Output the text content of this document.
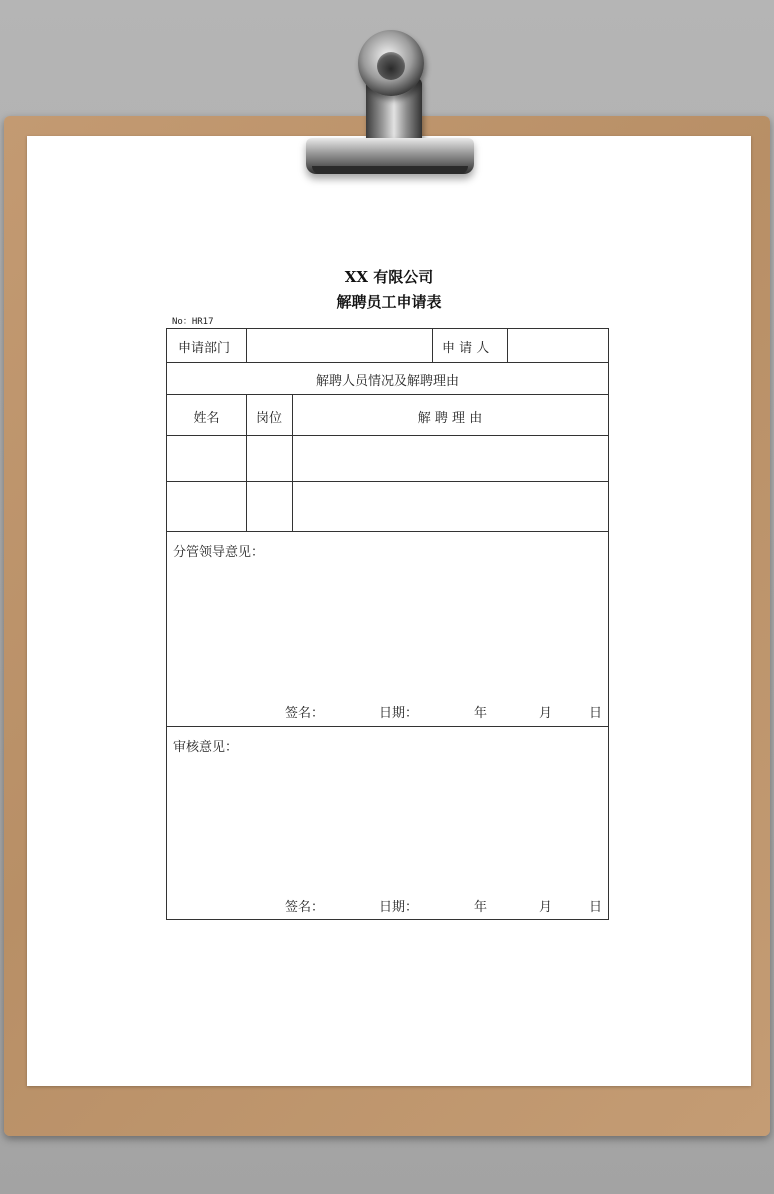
XX 有限公司
解聘员工申请表
No：HR17
申请部门	申 请 人
解聘人员情况及解聘理由
姓名	岗位	解 聘 理 由
分管领导意见：
签名：	日期：	年	月	日
审核意见：
签名：	日期：	年	月	日
